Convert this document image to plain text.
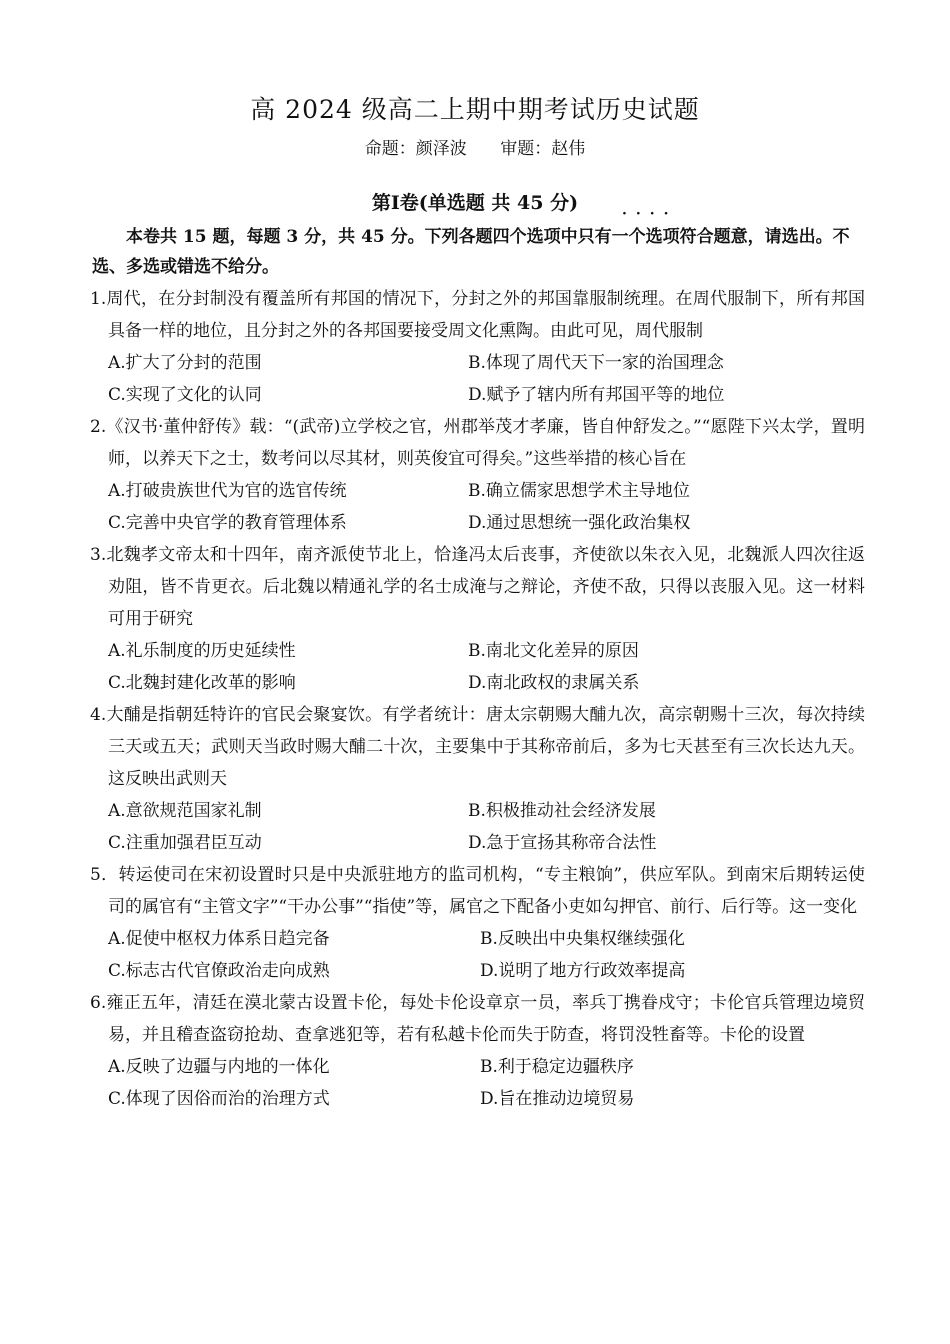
高 2024 级高二上期中期考试历史试题
命题：颜泽波 审题：赵伟
第Ⅰ卷(单选题 共 45 分)	····
本卷共 15 题，每题 3 分，共 45 分。下列各题四个选项中只有一个选项符合题意，请选出。不选、多选或错选不给分。
1.周代，在分封制没有覆盖所有邦国的情况下，分封之外的邦国靠服制统理。在周代服制下，所有邦国具备一样的地位，且分封之外的各邦国要接受周文化熏陶。由此可见，周代服制
A.扩大了分封的范围	B.体现了周代天下一家的治国理念
C.实现了文化的认同	D.赋予了辖内所有邦国平等的地位
2.《汉书·董仲舒传》载：“(武帝)立学校之官，州郡举茂才孝廉，皆自仲舒发之。”“愿陛下兴太学，置明师，以养天下之士，数考问以尽其材，则英俊宜可得矣。”这些举措的核心旨在
A.打破贵族世代为官的选官传统	B.确立儒家思想学术主导地位
C.完善中央官学的教育管理体系	D.通过思想统一强化政治集权
3.北魏孝文帝太和十四年，南齐派使节北上，恰逢冯太后丧事，齐使欲以朱衣入见，北魏派人四次往返劝阻，皆不肯更衣。后北魏以精通礼学的名士成淹与之辩论，齐使不敌，只得以丧服入见。这一材料可用于研究
A.礼乐制度的历史延续性	B.南北文化差异的原因
C.北魏封建化改革的影响	D.南北政权的隶属关系
4.大酺是指朝廷特许的官民会聚宴饮。有学者统计：唐太宗朝赐大酺九次，高宗朝赐十三次，每次持续三天或五天；武则天当政时赐大酺二十次，主要集中于其称帝前后，多为七天甚至有三次长达九天。这反映出武则天
A.意欲规范国家礼制	B.积极推动社会经济发展
C.注重加强君臣互动	D.急于宣扬其称帝合法性
5．转运使司在宋初设置时只是中央派驻地方的监司机构，“专主粮饷”，供应军队。到南宋后期转运使司的属官有“主管文字”“干办公事”“指使”等，属官之下配备小吏如勾押官、前行、后行等。这一变化
A.促使中枢权力体系日趋完备	B.反映出中央集权继续强化
C.标志古代官僚政治走向成熟	D.说明了地方行政效率提高
6.雍正五年，清廷在漠北蒙古设置卡伦，每处卡伦设章京一员，率兵丁携眷戍守；卡伦官兵管理边境贸易，并且稽查盗窃抢劫、查拿逃犯等，若有私越卡伦而失于防查，将罚没牲畜等。卡伦的设置
A.反映了边疆与内地的一体化	B.利于稳定边疆秩序
C.体现了因俗而治的治理方式	D.旨在推动边境贸易
